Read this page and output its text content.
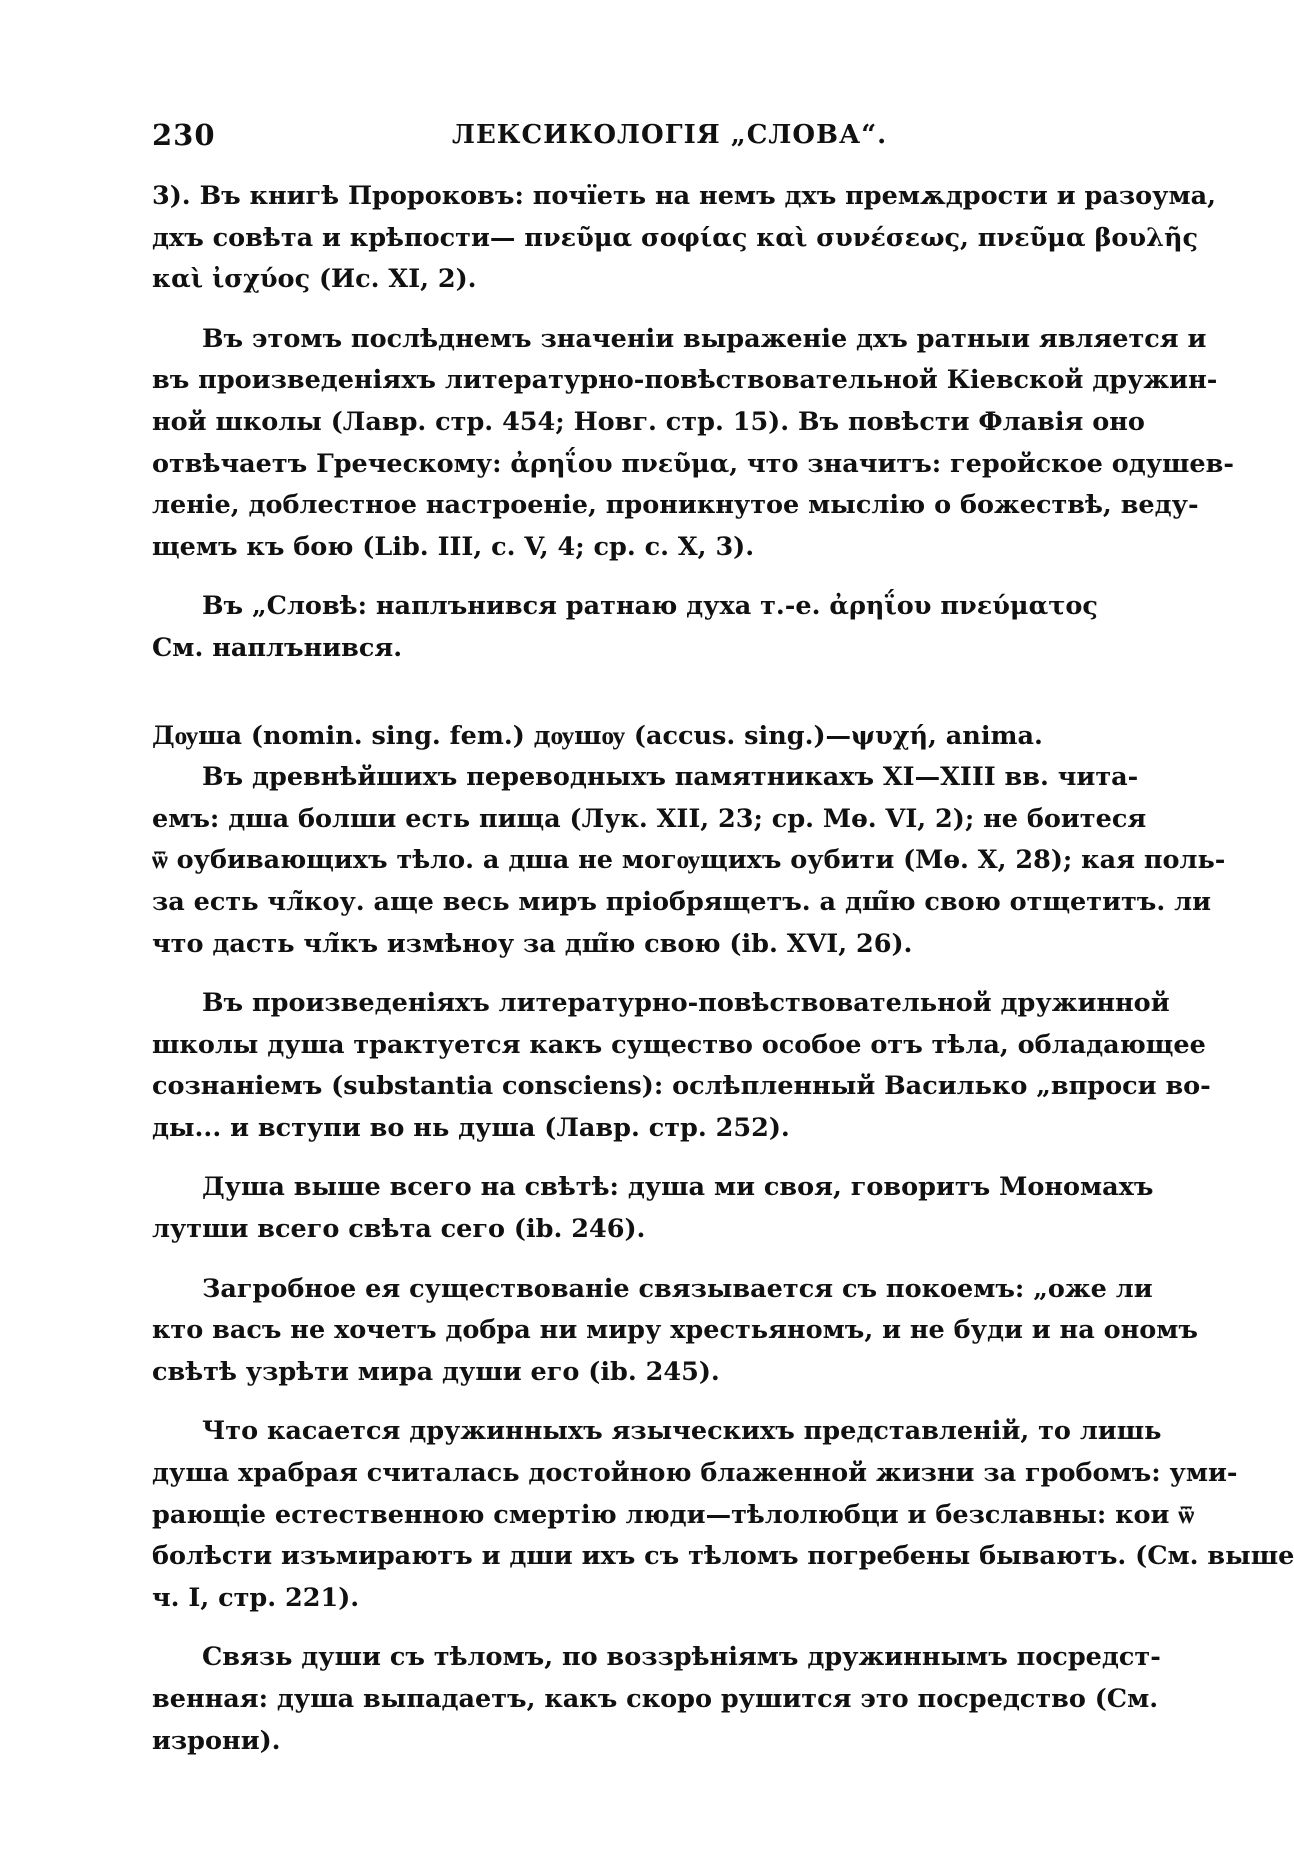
230	ЛЕКСИКОЛОГІЯ „СЛОВА“.

3). Въ книгѣ Пророковъ: почїеть на немъ дхъ премѫдрости и разоума,
дхъ совѣта и крѣпости— πνεῦμα σοφίας καὶ συνέσεως, πνεῦμα βουλῆς
καὶ ἰσχύος (Ис. XI, 2).

Въ этомъ послѣднемъ значеніи выраженіе дхъ ратныи является и
въ произведеніяхъ литературно-повѣствовательной Кіевской дружин-
ной школы (Лавр. стр. 454; Новг. стр. 15). Въ повѣсти Флавія оно
отвѣчаетъ Греческому: ἀρηΐου πνεῦμα, что значитъ: геройское одушев-
леніе, доблестное настроеніе, проникнутое мыслію о божествѣ, веду-
щемъ къ бою (Lib. III, с. V, 4; ср. с. X, 3).

Въ „Словѣ: наплънився ратнаю духа т.-е. ἀρηΐου πνεύματος
См. наплънився.

Дѹша (nomin. sing. fem.) дѹшѹ (accus. sing.)—ψυχή, anima.
Въ древнѣйшихъ переводныхъ памятникахъ XI—XIII вв. чита-
емъ: дша болши есть пища (Лук. XII, 23; ср. Мѳ. VI, 2); не боитеся
ѿ оубивающихъ тѣло. а дша не могѹщихъ оубити (Мѳ. X, 28); кая поль-
за есть чл̃коу. аще весь миръ пріобрящетъ. а дш̃ю свою отщетитъ. ли
что дасть чл̃къ измѣноу за дш̃ю свою (ib. XVI, 26).

Въ произведеніяхъ литературно-повѣствовательной дружинной
школы душа трактуется какъ существо особое отъ тѣла, обладающее
сознаніемъ (substantia consciens): ослѣпленный Василько „впроси во-
ды... и вступи во нь душа (Лавр. стр. 252).

Душа выше всего на свѣтѣ: душа ми своя, говоритъ Мономахъ
лутши всего свѣта сего (ib. 246).

Загробное ея существованіе связывается съ покоемъ: „оже ли
кто васъ не хочетъ добра ни миру хрестьяномъ, и не буди и на ономъ
свѣтѣ узрѣти мира души его (ib. 245).

Что касается дружинныхъ языческихъ представленій, то лишь
душа храбрая считалась достойною блаженной жизни за гробомъ: уми-
рающіе естественною смертію люди—тѣлолюбци и безславны: кои ѿ
болѣсти изъмираютъ и дши ихъ съ тѣломъ погребены бываютъ. (См. выше
ч. I, стр. 221).

Связь души съ тѣломъ, по воззрѣніямъ дружиннымъ посредст-
венная: душа выпадаетъ, какъ скоро рушится это посредство (См.
изрони).
